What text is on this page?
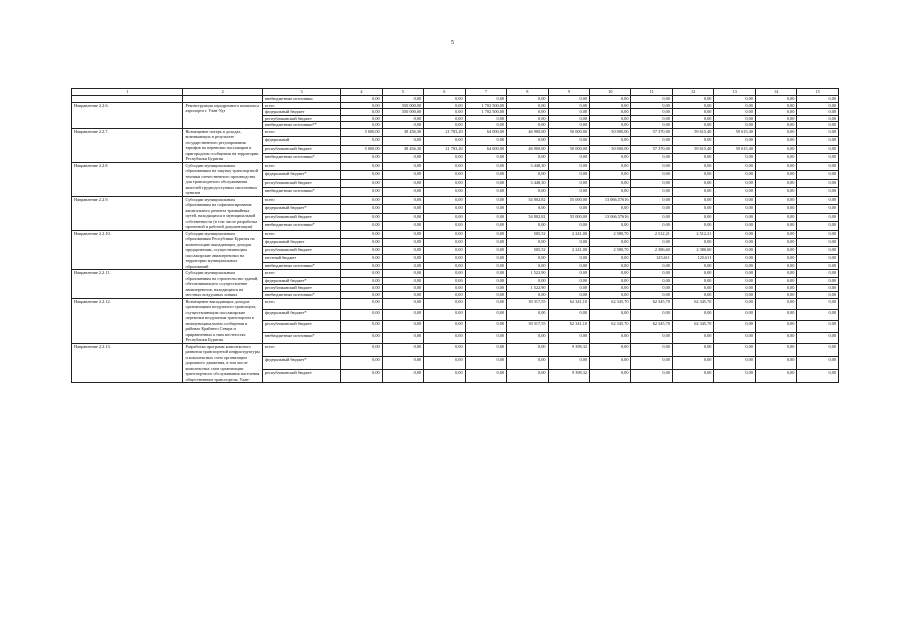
5
1	2	3	4	5	6	7	8	9	10	11	12	13	14	15
		внебюджетные источники	0,00	0,00	0,00	0,00	0,00	0,00	0,00	0,00	0,00	0,00	0,00	0,00
Направление 2.2.6.	Реконструкция аэродромного комплекса аэропорта г. Улан-Удэ	всего	0,00	350 000,00	0,00	1 702 500,00	0,00	0,00	0,00	0,00	0,00	0,00	0,00	0,00
		федеральный бюджет	0,00	350 000,00	0,00	1 702 500,00	0,00	0,00	0,00	0,00	0,00	0,00	0,00	0,00
		республиканский бюджет	0,00	0,00	0,00	0,00	0,00	0,00	0,00	0,00	0,00	0,00	0,00	0,00
		внебюджетные источники**	0,00	0,00	0,00	0,00	0,00	0,00	0,00	0,00	0,00	0,00	0,00	0,00
Направление 2.2.7.	Возмещение потерь в доходах, возникающих в результате государственного регулирования тарифов на перевозки пассажиров в пригородном сообщении на территории Республики Бурятия	всего	5 000,00	38 456,30	21 783,20	64 000,00	46 900,00	50 000,00	50 000,00	57 370,00	59 615,40	59 615,40	0,00	0,00
		федеральный	0,00	0,00	0,00	0,00	0,00	0,00	0,00	0,00	0,00	0,00	0,00	0,00
		республиканский бюджет	5 000,00	38 456,30	21 783,20	64 000,00	46 900,00	50 000,00	50 000,00	57 370,00	59 615,40	59 615,40	0,00	0,00
		внебюджетные источники*	0,00	0,00	0,00	0,00	0,00	0,00	0,00	0,00	0,00	0,00	0,00	0,00
Направление 2.2.8	Субсидии муниципальным образованиям на закупку транспортной техники отечественного производства для транспортного обслуживания жителей труднодоступных населенных пунктов	всего	0,00	0,00	0,00	0,00	3 448,30	0,00	0,00	0,00	0,00	0,00	0,00	0,00
		федеральный бюджет*	0,00	0,00	0,00	0,00	0,00	0,00	0,00	0,00	0,00	0,00	0,00	0,00
		республиканский бюджет	0,00	0,00	0,00	0,00	3 448,30	0,00	0,00	0,00	0,00	0,00	0,00	0,00
		внебюджетные источники*	0,00	0,00	0,00	0,00	0,00	0,00	0,00	0,00	0,00	0,00	0,00	0,00
Направление 2.2.9.	Субсидии муниципальным образованиям на софинансирование капитального ремонта трамвайных путей, находящихся в муниципальной собственности (в том числе разработка проектной и рабочей документации)	всего	0,00	0,00	0,00	0,00	54 802,82	55 000,00	13 066,57616	0,00	0,00	0,00	0,00	0,00
		федеральный бюджет*	0,00	0,00	0,00	0,00	0,00	0,00	0,00	0,00	0,00	0,00	0,00	0,00
		республиканский бюджет	0,00	0,00	0,00	0,00	54 802,82	55 000,00	13 066,57616	0,00	0,00	0,00	0,00	0,00
		внебюджетные источники*	0,00	0,00	0,00	0,00	0,00	0,00	0,00	0,00	0,00	0,00	0,00	0,00
Направление 2.2.10.	Субсидии муниципальным образованиям Республики Бурятия на компенсацию выпадающих доходов предприятиям, осуществляющим пассажирские авиаперевозки на территории муниципальных образований	всего	0,00	0,00	0,00	0,00	505,52	2 241,00	2 580,70	2 512,21	2 512,21	0,00	0,00	0,00
		федеральный бюджет	0,00	0,00	0,00	0,00	0,00	0,00	0,00	0,00	0,00	0,00	0,00	0,00
		республиканский бюджет	0,00	0,00	0,00	0,00	505,52	2 241,00	2 580,70	2 386,60	2 386,60	0,00	0,00	0,00
		местный бюджет	0,00	0,00	0,00	0,00	0,00	0,00	0,00	125,611	125,611	0,00	0,00	0,00
		внебюджетные источники*	0,00	0,00	0,00	0,00	0,00	0,00	0,00	0,00	0,00	0,00	0,00	0,00
Направление 2.2.11.	Субсидии муниципальным образованиям на строительство зданий, обеспечивающего осуществление авиаперевозок, находящихся на местных воздушных линиях	всего	0,00	0,00	0,00	0,00	1 522,90	0,00	0,00	0,00	0,00	0,00	0,00	0,00
		федеральный бюджет*	0,00	0,00	0,00	0,00	0,00	0,00	0,00	0,00	0,00	0,00	0,00	0,00
		республиканский бюджет	0,00	0,00	0,00	0,00	1 522,90	0,00	0,00	0,00	0,00	0,00	0,00	0,00
		внебюджетные источники*	0,00	0,00	0,00	0,00	0,00	0,00	0,00	0,00	0,00	0,00	0,00	0,00
Направление 2.2.12.	Возмещение выпадающих доходов организациям воздушного транспорта, осуществляющим пассажирские перевозки воздушным транспортом в межмуниципальном сообщении в районах Крайнего Севера и приравненных к ним местностях Республики Бурятия	всего	0,00	0,00	0,00	0,00	39 317,55	62 341,10	62 345,70	62 345,70	62 345,70	0,00	0,00	0,00
		федеральный бюджет*	0,00	0,00	0,00	0,00	0,00	0,00	0,00	0,00	0,00	0,00	0,00	0,00
		республиканский бюджет	0,00	0,00	0,00	0,00	39 317,55	62 341,10	62 345,70	62 345,70	62 345,70	0,00	0,00	0,00
		внебюджетные источники*	0,00	0,00	0,00	0,00	0,00	0,00	0,00	0,00	0,00	0,00	0,00	0,00
Направление 2.2.13.	Разработка программ комплексного развития транспортной инфраструктуры и комплексных схем организации дорожного движения, в том числе комплексных схем организации транспортного обслуживания населения общественным транспортом, Улан-	всего	0,00	0,00	0,00	0,00	0,00	9 398,32	0,00	0,00	0,00	0,00	0,00	0,00
		федеральный бюджет*	0,00	0,00	0,00	0,00	0,00	0,00	0,00	0,00	0,00	0,00	0,00	0,00
		республиканский бюджет	0,00	0,00	0,00	0,00	0,00	9 398,32	0,00	0,00	0,00	0,00	0,00	0,00
